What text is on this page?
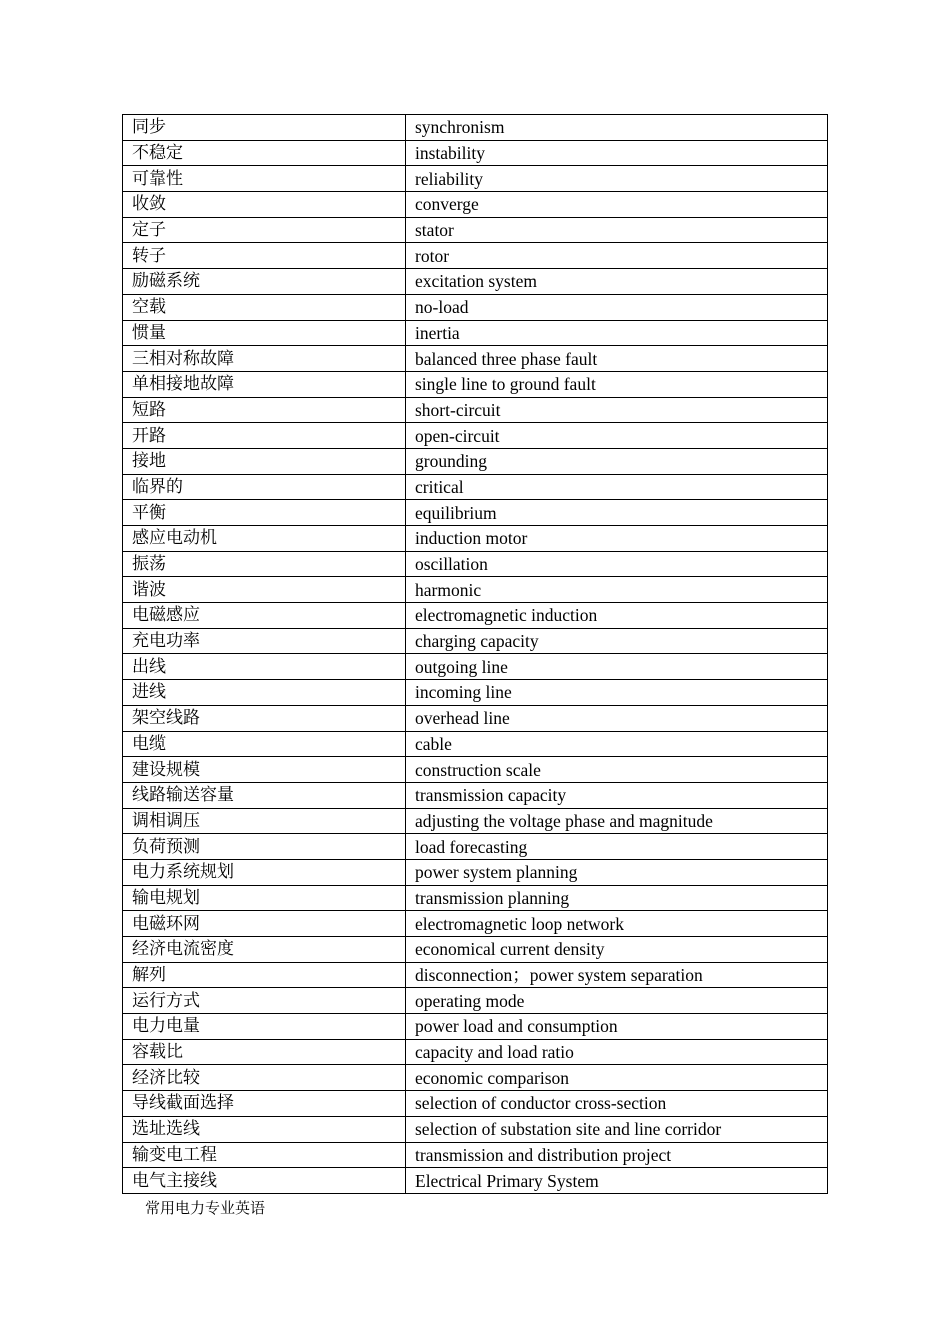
同步	synchronism
不稳定	instability
可靠性	reliability
收敛	converge
定子	stator
转子	rotor
励磁系统	excitation system
空载	no-load
惯量	inertia
三相对称故障	balanced three phase fault
单相接地故障	single line to ground fault
短路	short-circuit
开路	open-circuit
接地	grounding
临界的	critical
平衡	equilibrium
感应电动机	induction motor
振荡	oscillation
谐波	harmonic
电磁感应	electromagnetic induction
充电功率	charging capacity
出线	outgoing line
进线	incoming line
架空线路	overhead line
电缆	cable
建设规模	construction scale
线路输送容量	transmission capacity
调相调压	adjusting the voltage phase and magnitude
负荷预测	load forecasting
电力系统规划	power system planning
输电规划	transmission planning
电磁环网	electromagnetic loop network
经济电流密度	economical current density
解列	disconnection；power system separation
运行方式	operating mode
电力电量	power load and consumption
容载比	capacity and load ratio
经济比较	economic comparison
导线截面选择	selection of conductor cross-section
选址选线	selection of substation site and line corridor
输变电工程	transmission and distribution project
电气主接线	Electrical Primary System
常用电力专业英语
